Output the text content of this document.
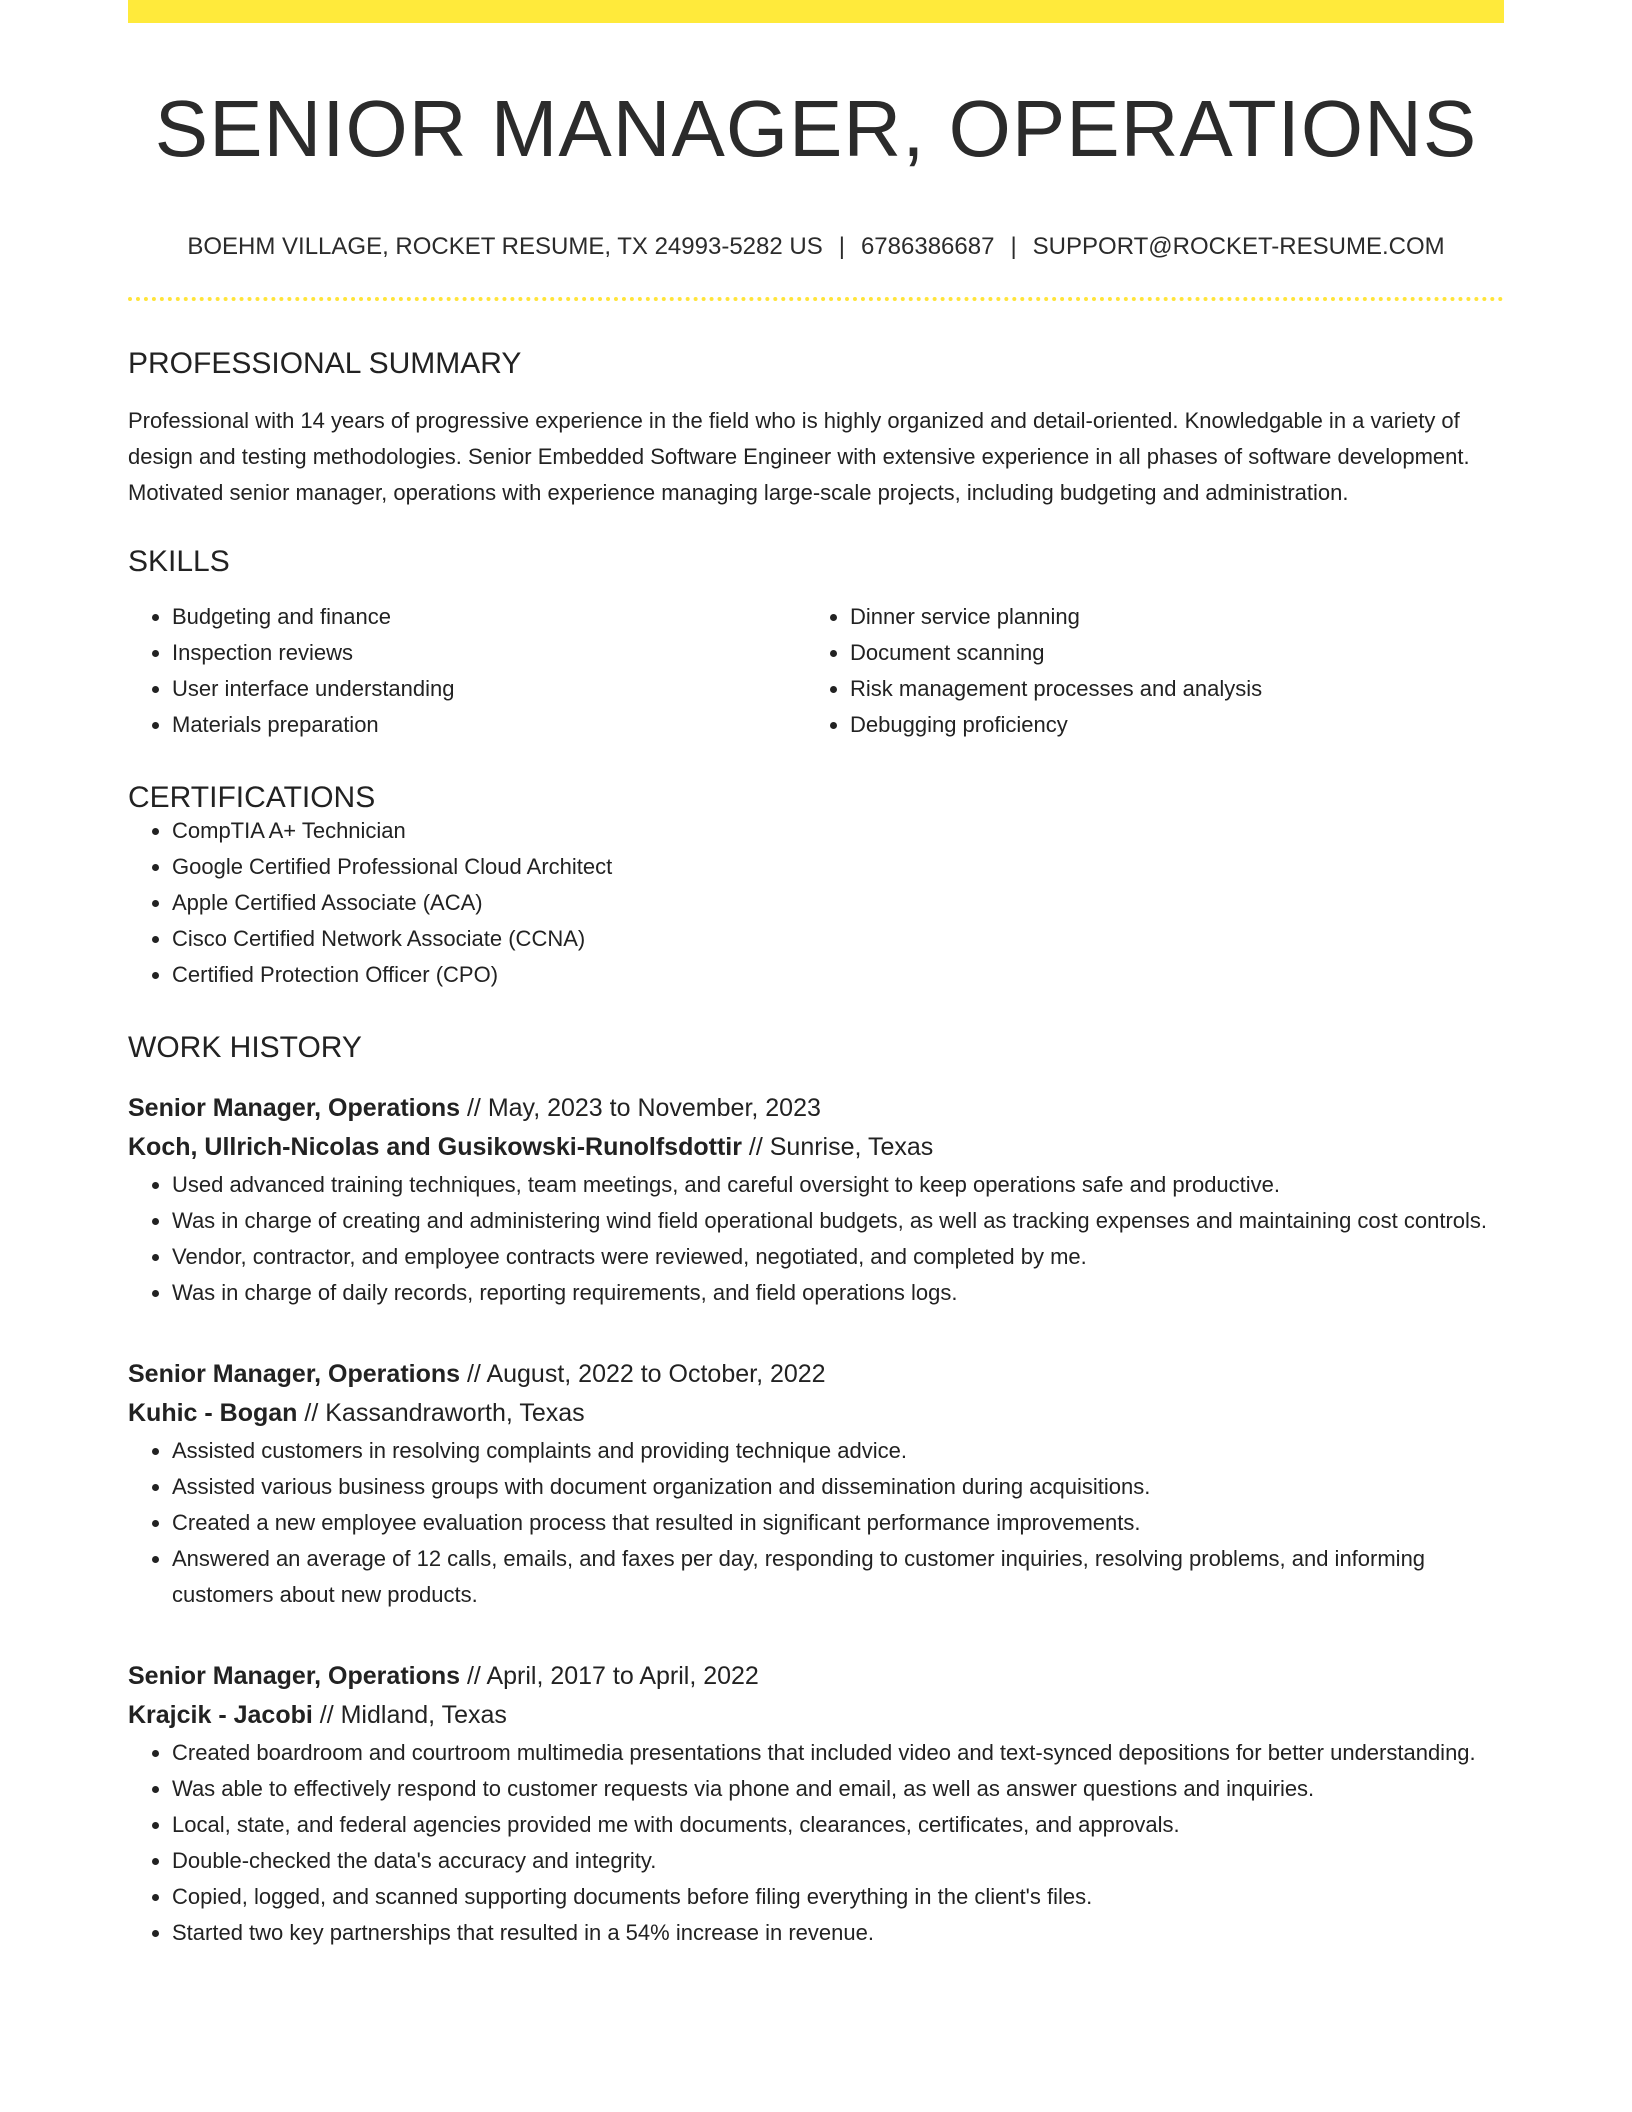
SENIOR MANAGER, OPERATIONS
BOEHM VILLAGE, ROCKET RESUME, TX 24993-5282 US | 6786386687 | SUPPORT@ROCKET-RESUME.COM
PROFESSIONAL SUMMARY

Professional with 14 years of progressive experience in the field who is highly organized and detail-oriented. Knowledgable in a variety of design and testing methodologies. Senior Embedded Software Engineer with extensive experience in all phases of software development. Motivated senior manager, operations with experience managing large-scale projects, including budgeting and administration.

SKILLS
• Budgeting and finance
• Inspection reviews
• User interface understanding
• Materials preparation
• Dinner service planning
• Document scanning
• Risk management processes and analysis
• Debugging proficiency
CERTIFICATIONS
• CompTIA A+ Technician
• Google Certified Professional Cloud Architect
• Apple Certified Associate (ACA)
• Cisco Certified Network Associate (CCNA)
• Certified Protection Officer (CPO)
WORK HISTORY
Senior Manager, Operations // May, 2023 to November, 2023
Koch, Ullrich-Nicolas and Gusikowski-Runolfsdottir // Sunrise, Texas
• Used advanced training techniques, team meetings, and careful oversight to keep operations safe and productive.
• Was in charge of creating and administering wind field operational budgets, as well as tracking expenses and maintaining cost controls.
• Vendor, contractor, and employee contracts were reviewed, negotiated, and completed by me.
• Was in charge of daily records, reporting requirements, and field operations logs.
Senior Manager, Operations // August, 2022 to October, 2022
Kuhic - Bogan // Kassandraworth, Texas
• Assisted customers in resolving complaints and providing technique advice.
• Assisted various business groups with document organization and dissemination during acquisitions.
• Created a new employee evaluation process that resulted in significant performance improvements.
• Answered an average of 12 calls, emails, and faxes per day, responding to customer inquiries, resolving problems, and informing customers about new products.
Senior Manager, Operations // April, 2017 to April, 2022
Krajcik - Jacobi // Midland, Texas
• Created boardroom and courtroom multimedia presentations that included video and text-synced depositions for better understanding.
• Was able to effectively respond to customer requests via phone and email, as well as answer questions and inquiries.
• Local, state, and federal agencies provided me with documents, clearances, certificates, and approvals.
• Double-checked the data's accuracy and integrity.
• Copied, logged, and scanned supporting documents before filing everything in the client's files.
• Started two key partnerships that resulted in a 54% increase in revenue.
